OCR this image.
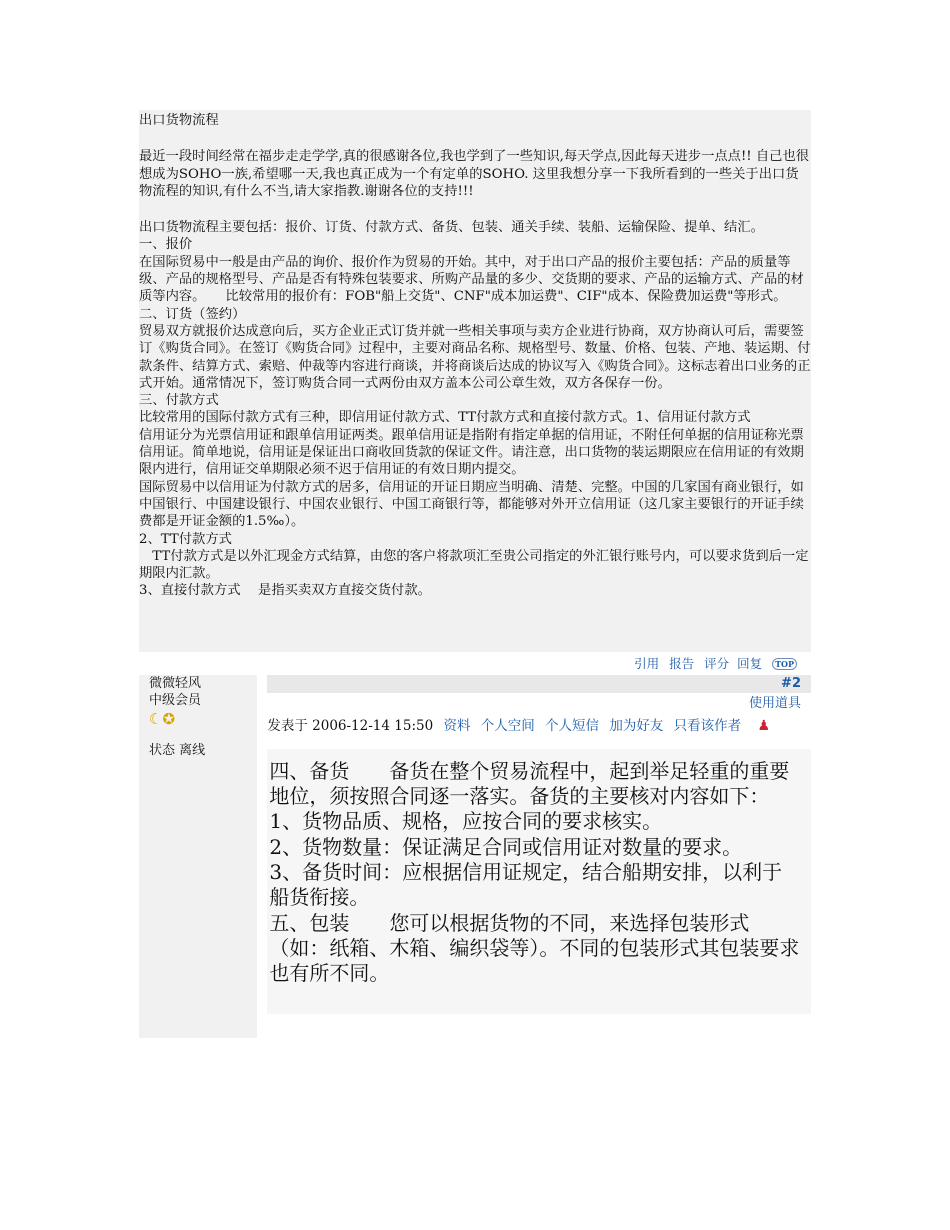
出口货物流程

最近一段时间经常在福步走走学学,真的很感谢各位,我也学到了一些知识,每天学点,因此每天进步一点点!! 自己也很想成为SOHO一族,希望哪一天,我也真正成为一个有定单的SOHO. 这里我想分享一下我所看到的一些关于出口货物流程的知识,有什么不当,请大家指教.谢谢各位的支持!!!

出口货物流程主要包括：报价、订货、付款方式、备货、包装、通关手续、装船、运输保险、提单、结汇。

一、报价

在国际贸易中一般是由产品的询价、报价作为贸易的开始。其中，对于出口产品的报价主要包括：产品的质量等级、产品的规格型号、产品是否有特殊包装要求、所购产品量的多少、交货期的要求、产品的运输方式、产品的材质等内容。　　比较常用的报价有：FOB"船上交货"、CNF"成本加运费"、CIF"成本、保险费加运费"等形式。

二、订货（签约）

贸易双方就报价达成意向后，买方企业正式订货并就一些相关事项与卖方企业进行协商，双方协商认可后，需要签订《购货合同》。在签订《购货合同》过程中，主要对商品名称、规格型号、数量、价格、包装、产地、装运期、付款条件、结算方式、索赔、仲裁等内容进行商谈，并将商谈后达成的协议写入《购货合同》。这标志着出口业务的正式开始。通常情况下，签订购货合同一式两份由双方盖本公司公章生效，双方各保存一份。

三、付款方式

比较常用的国际付款方式有三种，即信用证付款方式、TT付款方式和直接付款方式。1、信用证付款方式

信用证分为光票信用证和跟单信用证两类。跟单信用证是指附有指定单据的信用证，不附任何单据的信用证称光票信用证。简单地说，信用证是保证出口商收回货款的保证文件。请注意，出口货物的装运期限应在信用证的有效期限内进行，信用证交单期限必须不迟于信用证的有效日期内提交。

国际贸易中以信用证为付款方式的居多，信用证的开证日期应当明确、清楚、完整。中国的几家国有商业银行，如中国银行、中国建设银行、中国农业银行、中国工商银行等，都能够对外开立信用证（这几家主要银行的开证手续费都是开证金额的1.5‰）。

2、TT付款方式

　TT付款方式是以外汇现金方式结算，由您的客户将款项汇至贵公司指定的外汇银行账号内，可以要求货到后一定期限内汇款。

3、直接付款方式　 是指买卖双方直接交货付款。

引用 报告 评分 回复 TOP
微微轻风
中级会员
☾✪
状态 离线
#2
使用道具
发表于 2006-12-14 15:50 资料 个人空间 个人短信 加为好友 只看该作者 ♟

四、备货　　备货在整个贸易流程中，起到举足轻重的重要地位，须按照合同逐一落实。备货的主要核对内容如下：

1、货物品质、规格，应按合同的要求核实。

2、货物数量：保证满足合同或信用证对数量的要求。

3、备货时间：应根据信用证规定，结合船期安排，以利于船货衔接。

五、包装　　您可以根据货物的不同，来选择包装形式（如：纸箱、木箱、编织袋等）。不同的包装形式其包装要求也有所不同。
